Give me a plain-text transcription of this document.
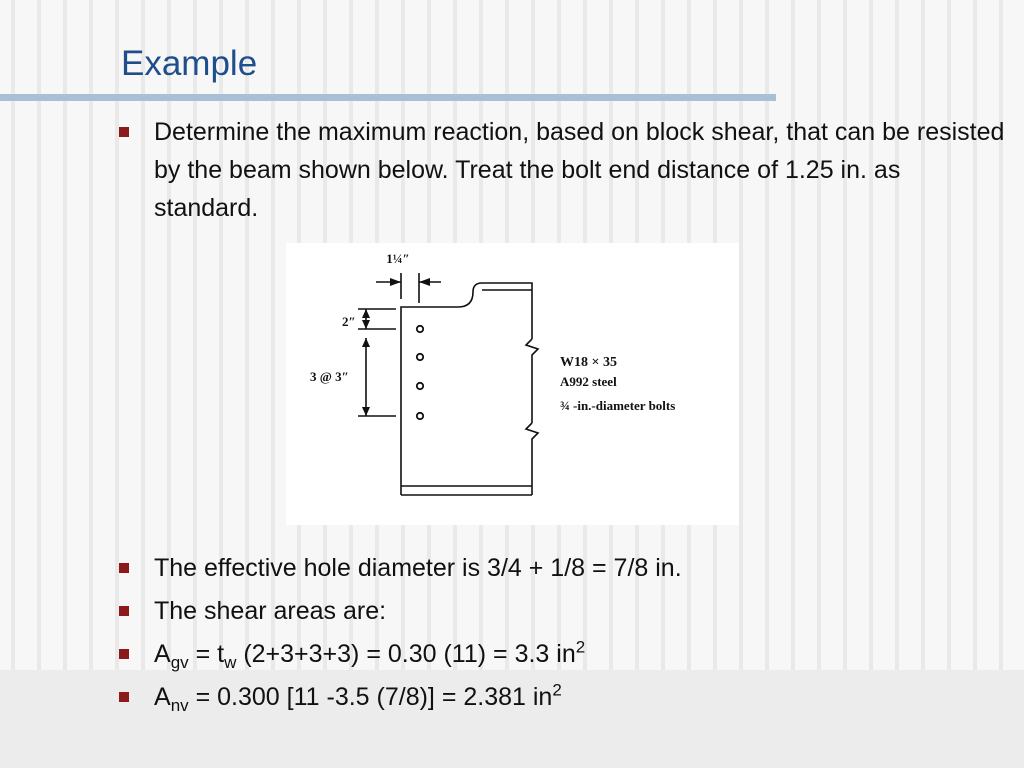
Example
Determine the maximum reaction, based on block shear, that can be resisted by the beam shown below. Treat the bolt end distance of 1.25 in. as standard.
1¼″
2″
3 @ 3″
W18 × 35
A992 steel
¾ -in.-diameter bolts
The effective hole diameter is 3/4 + 1/8 = 7/8 in.
The shear areas are:
$A_{gv} = t_w$ (2+3+3+3) = 0.30 (11) = 3.3 $in^2$
$A_{nv} = 0.300$ [11 -3.5 (7/8)] = 2.381 $in^2$
